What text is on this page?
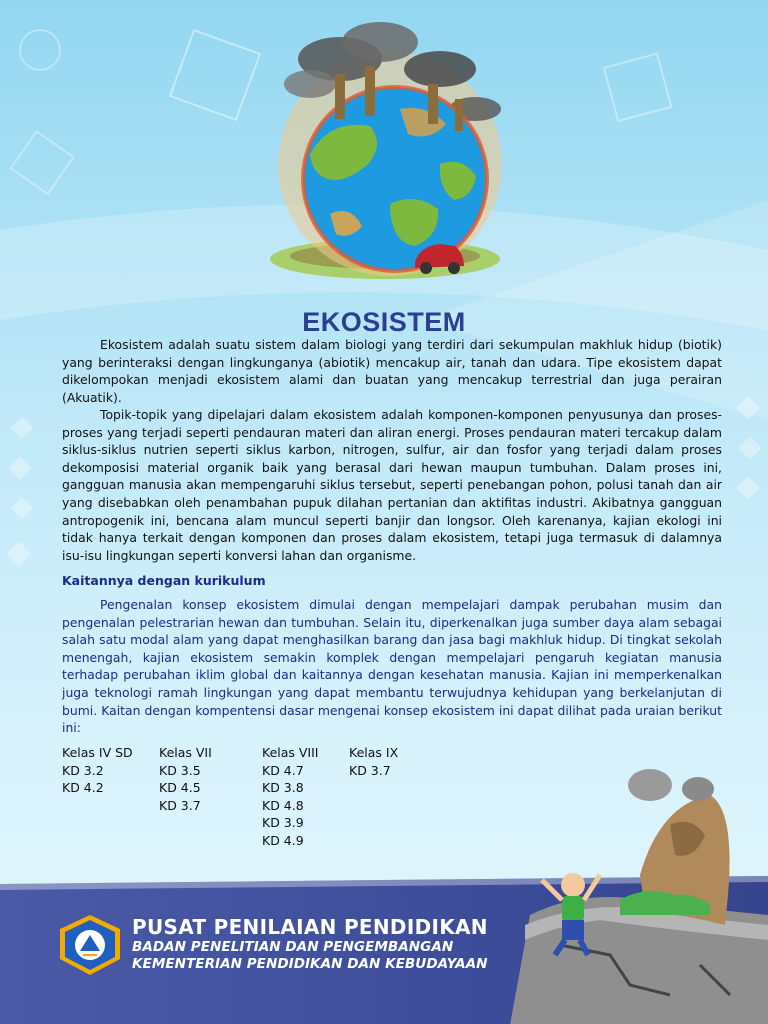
EKOSISTEM

Ekosistem adalah suatu sistem dalam biologi yang terdiri dari sekumpulan makhluk hidup (biotik) yang berinteraksi dengan lingkunganya (abiotik) mencakup air, tanah dan udara. Tipe ekosistem dapat dikelompokan menjadi ekosistem alami dan buatan yang mencakup terrestrial dan juga perairan (Akuatik).

Topik-topik yang dipelajari dalam ekosistem adalah komponen-komponen penyusunya dan proses-proses yang terjadi seperti pendauran materi dan aliran energi. Proses pendauran materi tercakup dalam siklus-siklus nutrien seperti siklus karbon, nitrogen, sulfur, air dan fosfor yang terjadi dalam proses dekomposisi material organik baik yang berasal dari hewan maupun tumbuhan. Dalam proses ini, gangguan manusia akan mempengaruhi siklus tersebut, seperti penebangan pohon, polusi tanah dan air yang disebabkan oleh penambahan pupuk dilahan pertanian dan aktifitas industri. Akibatnya gangguan antropogenik ini, bencana alam muncul seperti banjir dan longsor. Oleh karenanya, kajian ekologi ini tidak hanya terkait dengan komponen dan proses dalam ekosistem, tetapi juga termasuk di dalamnya isu-isu lingkungan seperti konversi lahan dan organisme.

Kaitannya dengan kurikulum

Pengenalan konsep ekosistem dimulai dengan mempelajari dampak perubahan musim dan pengenalan pelestrarian hewan dan tumbuhan. Selain itu, diperkenalkan juga sumber daya alam sebagai salah satu modal alam yang dapat menghasilkan barang dan jasa bagi makhluk hidup. Di tingkat sekolah menengah, kajian ekosistem semakin komplek dengan mempelajari pengaruh kegiatan manusia terhadap perubahan iklim global dan kaitannya dengan kesehatan manusia. Kajian ini memperkenalkan juga teknologi ramah lingkungan yang dapat membantu terwujudnya kehidupan yang berkelanjutan di bumi. Kaitan dengan kompentensi dasar mengenai konsep ekosistem ini dapat dilihat pada uraian berikut ini:

Kelas IV SD
KD 3.2
KD 4.2
Kelas VII
KD 3.5
KD 4.5
KD 3.7
Kelas VIII
KD 4.7
KD 3.8
KD 4.8
KD 3.9
KD 4.9
Kelas IX
KD 3.7
PUSAT PENILAIAN PENDIDIKAN
BADAN PENELITIAN DAN PENGEMBANGAN
KEMENTERIAN PENDIDIKAN DAN KEBUDAYAAN
